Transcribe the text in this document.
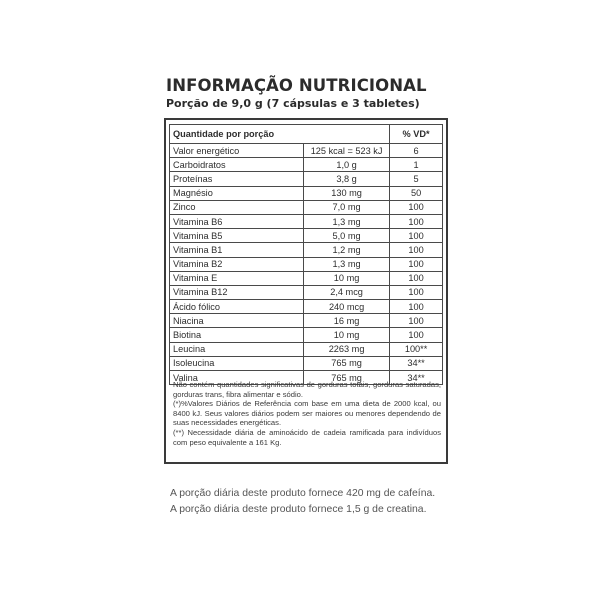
INFORMAÇÃO NUTRICIONAL
Porção de 9,0 g (7 cápsulas e 3 tabletes)
Quantidade por porção		% VD*
Valor energético	125 kcal = 523 kJ	6
Carboidratos	1,0 g	1
Proteínas	3,8 g	5
Magnésio	130 mg	50
Zinco	7,0 mg	100
Vitamina B6	1,3 mg	100
Vitamina B5	5,0 mg	100
Vitamina B1	1,2 mg	100
Vitamina B2	1,3 mg	100
Vitamina E	10 mg	100
Vitamina B12	2,4 mcg	100
Ácido fólico	240 mcg	100
Niacina	16 mg	100
Biotina	10 mg	100
Leucina	2263 mg	100**
Isoleucina	765 mg	34**
Valina	765 mg	34**

Não contém quantidades significativas de gorduras totais, gorduras saturadas, gorduras trans, fibra alimentar e sódio.

(*)%Valores Diários de Referência com base em uma dieta de 2000 kcal, ou 8400 kJ. Seus valores diários podem ser maiores ou menores dependendo de suas necessidades energéticas.

(**) Necessidade diária de aminoácido de cadeia ramificada para indivíduos com peso equivalente a 161 Kg.

A porção diária deste produto fornece 420 mg de cafeína.

A porção diária deste produto fornece 1,5 g de creatina.
